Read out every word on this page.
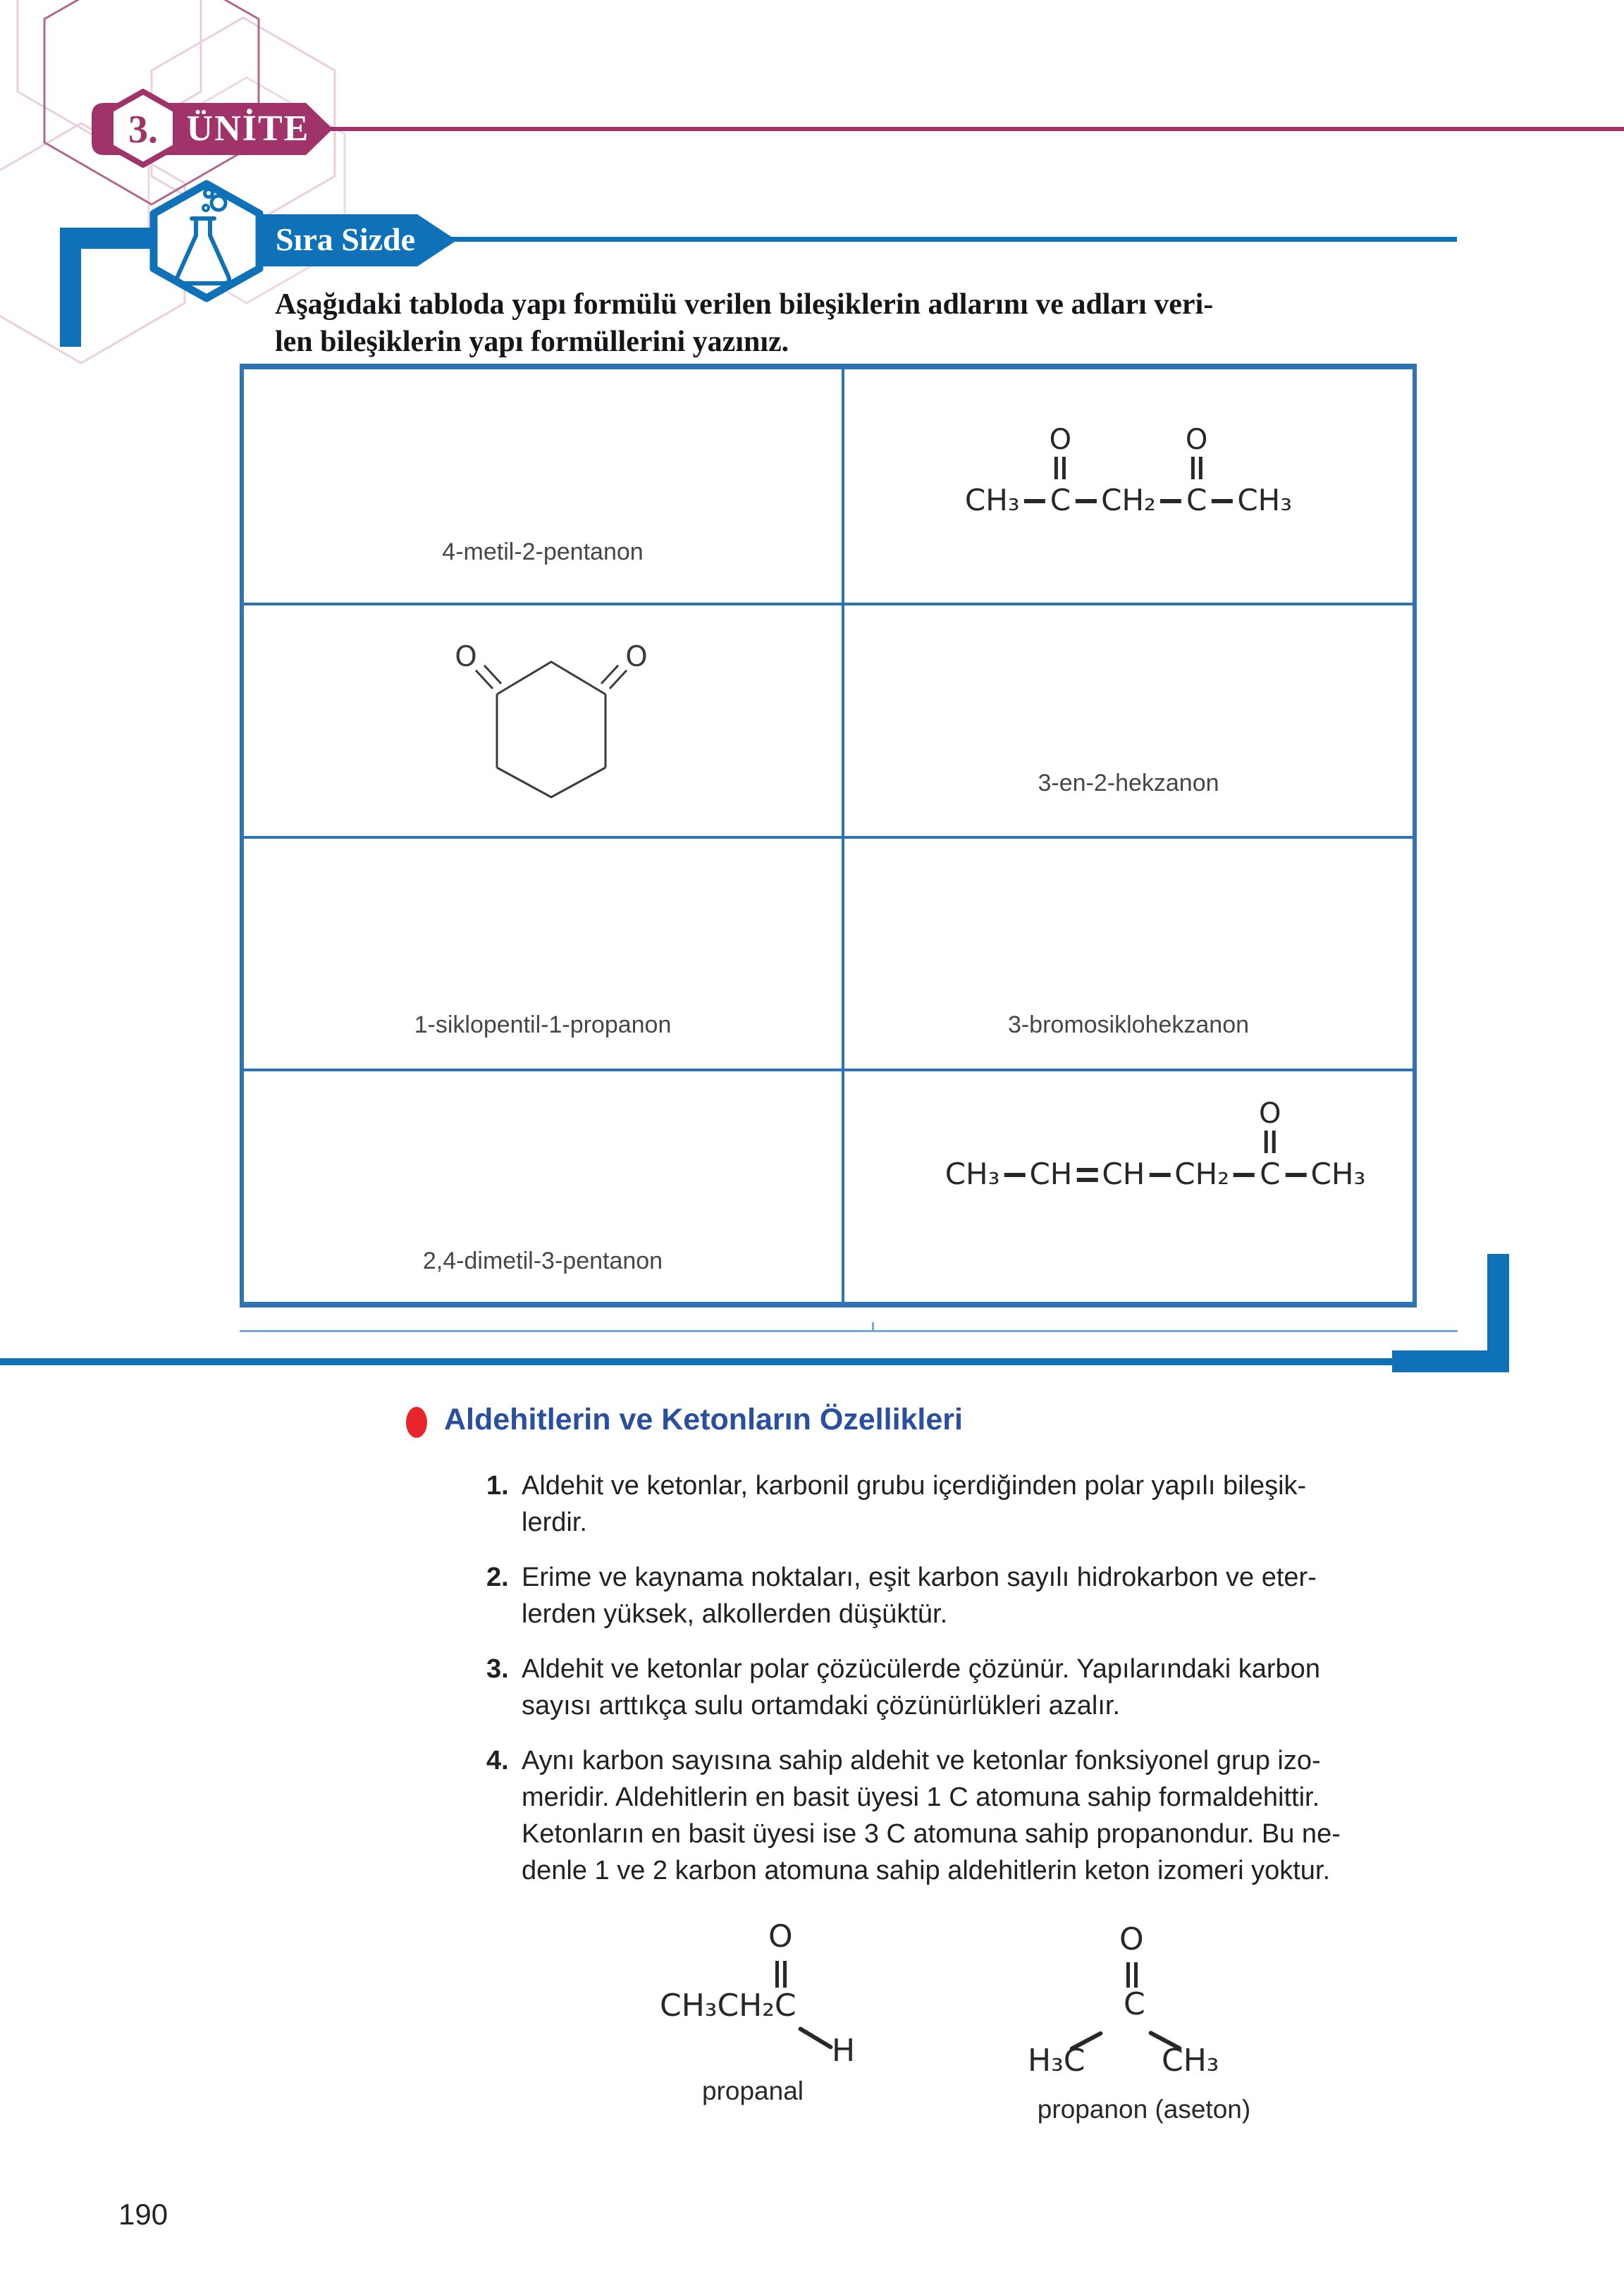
ÜNİTE
3.
Sıra Sizde
Aşağıdaki tabloda yapı formülü verilen bileşiklerin adlarını ve adları veri-
len bileşiklerin yapı formüllerini yazınız.
4-metil-2-pentanon
CH₃
O
C CH₂
O
C CH₃
O	O
3-en-2-hekzanon
1-siklopentil-1-propanon	3-bromosiklohekzanon
2,4-dimetil-3-pentanon
CH₃ CH CH CH₂
O
C CH₃
Aldehitlerin ve Ketonların Özellikleri
1. Aldehit ve ketonlar, karbonil grubu içerdiğinden polar yapılı bileşik-
lerdir.
2. Erime ve kaynama noktaları, eşit karbon sayılı hidrokarbon ve eter-
lerden yüksek, alkollerden düşüktür.
3. Aldehit ve ketonlar polar çözücülerde çözünür. Yapılarındaki karbon
sayısı arttıkça sulu ortamdaki çözünürlükleri azalır.
4. Aynı karbon sayısına sahip aldehit ve ketonlar fonksiyonel grup izo-
meridir. Aldehitlerin en basit üyesi 1 C atomuna sahip formaldehittir.
Ketonların en basit üyesi ise 3 C atomuna sahip propanondur. Bu ne-
denle 1 ve 2 karbon atomuna sahip aldehitlerin keton izomeri yoktur.
O
CH₃CH₂C
H
propanal
O
C
H₃C CH₃
propanon (aseton)
190
